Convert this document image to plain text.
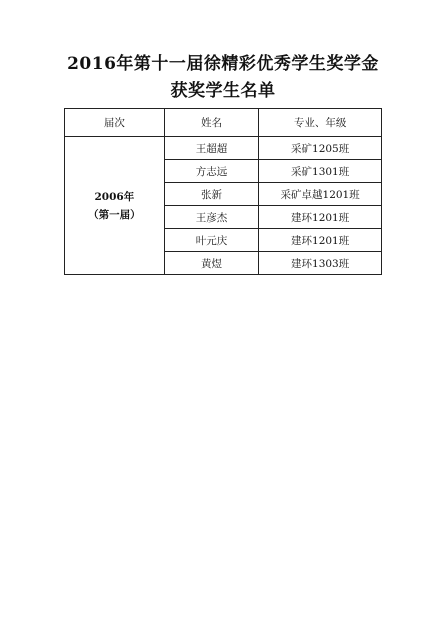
2016年第十一届徐精彩优秀学生奖学金
获奖学生名单
届次	姓名	专业、年级

2006年
（第一届）	王超超	采矿1205班
	方志远	采矿1301班
	张新	采矿卓越1201班
	王彦杰	建环1201班
	叶元庆	建环1201班
	黄煜	建环1303班
